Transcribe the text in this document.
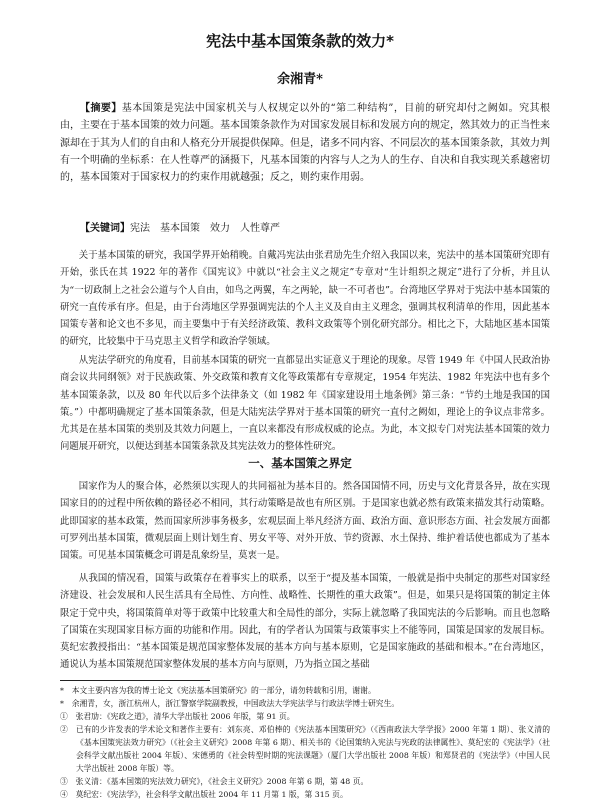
宪法中基本国策条款的效力*
余湘青*

【摘要】基本国策是宪法中国家机关与人权规定以外的“第二种结构”，目前的研究却付之阙如。究其根由，主要在于基本国策的效力问题。基本国策条款作为对国家发展目标和发展方向的规定，然其效力的正当性来源却在于其为人们的自由和人格充分开展提供保障。但是，诸多不同内容、不同层次的基本国策条款，其效力判有一个明确的坐标系：在人性尊严的涵摄下，凡基本国策的内容与人之为人的生存、自决和自我实现关系越密切的，基本国策对于国家权力的约束作用就越强；反之，则约束作用弱。

【关键词】宪法　基本国策　效力　人性尊严

关于基本国策的研究，我国学界开始稍晚。自戴冯宪法由张君劢先生介绍入我国以来，宪法中的基本国策研究即有开始，张氏在其 1922 年的著作《国宪议》中就以“社会主义之规定”专章对“生计组织之规定”进行了分析，并且认为“一切政制上之社会公道与个人自由，如鸟之两翼，车之两轮，缺一不可者也”。台湾地区学界对于宪法中基本国策的研究一直传承有序。但是，由于台湾地区学界强调宪法的个人主义及自由主义理念，强调其权利清单的作用，因此基本国策专著和论文也不多见，而主要集中于有关经济政策、教科文政策等个别化研究部分。相比之下，大陆地区基本国策的研究，比较集中于马克思主义哲学和政治学领域。

从宪法学研究的角度看，目前基本国策的研究一直都显出实证意义于理论的现象。尽管 1949 年《中国人民政治协商会议共同纲领》对于民族政策、外交政策和教育文化等政策都有专章规定，1954 年宪法、1982 年宪法中也有多个基本国策条款，以及 80 年代以后多个法律条文（如 1982 年《国家建设用土地条例》第三条：“节约土地是我国的国策。”）中都明确规定了基本国策条款，但是大陆宪法学界对于基本国策的研究一直付之阙如，理论上的争议点非常多。尤其是在基本国策的类别及其效力问题上，一直以来都没有形成权威的论点。为此，本文拟专门对宪法基本国策的效力问题展开研究，以便达到基本国策条款及其宪法效力的整体性研究。

一、基本国策之界定

国家作为人的聚合体，必然须以实现人的共同福祉为基本目的。然各国国情不同，历史与文化背景各异，故在实现国家目的的过程中所依赖的路径必不相同，其行动策略是故也有所区别。于是国家也就必然有政策来描发其行动策略。此即国家的基本政策，然而国家所涉事务极多，宏观层面上举凡经济方面、政治方面、意识形态方面、社会发展方面都可罗列出基本国策，微观层面上则计划生育、男女平等、对外开放、节约资源、水土保持、维护着话使也都成为了基本国策。可见基本国策概念可谓是乱象纷呈，莫衷一是。

从我国的情况看，国策与政策存在着事实上的联系，以至于“提及基本国策，一般就是指中央制定的那些对国家经济建设、社会发展和人民生活具有全局性、方向性、战略性、长期性的重大政策”。但是，如果只是将国策的制定主体限定于党中央，将国策简单对等于政策中比较重大和全局性的部分，实际上就忽略了我国宪法的今后影响。而且也忽略了国策在实现国家目标方面的功能和作用。因此，有的学者认为国策与政策事实上不能等同，国策是国家的发展目标。莫纪宏教授指出：“基本国策是规范国家整体发展的基本方向与基本原则，它是国家施政的基础和根本。”在台湾地区，通说认为基本国策规范国家整体发展的基本方向与原则，乃为指立国之基础

*　本文主要内容为我的博士论文《宪法基本国策研究》的一部分，请勿转载和引用，谢谢。

*　余湘青，女，浙江杭州人，浙江警察学院副教授，中国政法大学宪法学与行政法学博士研究生。

①　张君劢：《宪政之道》，清华大学出版社 2006 年版，第 91 页。

②　已有的少许发表的学术论文和著作主要有：刘东亮、邓伯棒的《宪法基本国策研究》（《西南政法大学学报》2000 年第 1 期）、张义清的《基本国策宪法效力研究》（《社会主义研究》2008 年第 6 期）、相关书的《论国策纳入宪法与宪政的法律属性》、莫纪宏的《宪法学》（社会科学文献出版社 2004 年版）、宋德勇的《社会转型时期的宪法课题》（厦门大学出版社 2008 年版）和郑贤君的《宪法学》（中国人民大学出版社 2008 年版）等。

③　张义清：《基本国策的宪法效力研究》，《社会主义研究》2008 年第 6 期，第 48 页。

④　莫纪宏：《宪法学》，社会科学文献出版社 2004 年 11 月第 1 版，第 315 页。
